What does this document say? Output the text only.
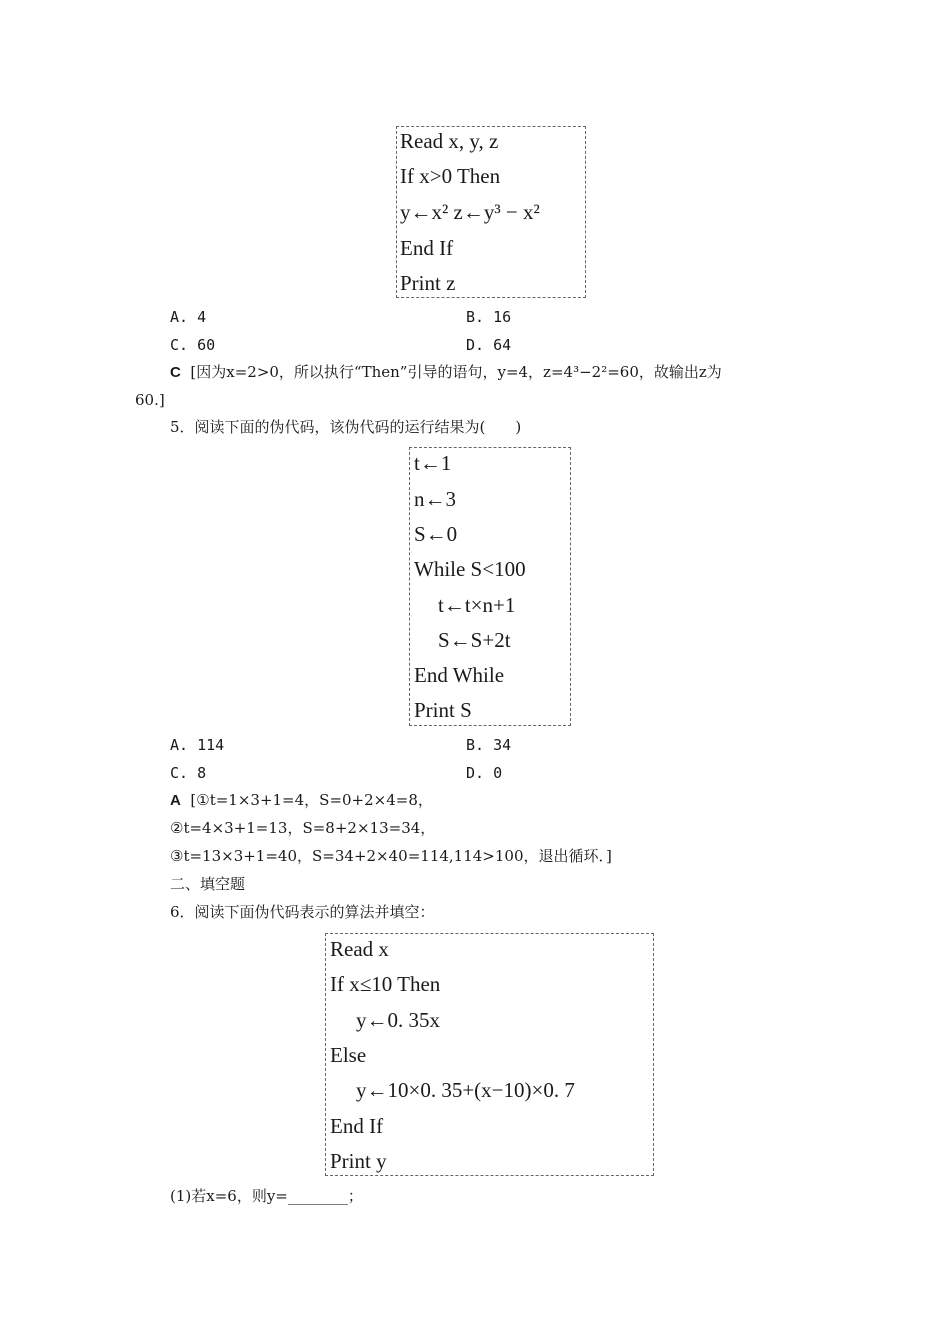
Read x, y, z
If x>0 Then
y←x² z←y³ − x²
End If
Print z
A. 4	B. 16
C. 60	D. 64
C [因为x=2>0，所以执行“Then”引导的语句，y=4，z=4³−2²=60，故输出z为
60.]
5．阅读下面的伪代码，该伪代码的运行结果为(　　)
t←1
n←3
S←0
While S<100
t←t×n+1
S←S+2t
End While
Print S
A. 114	B. 34
C. 8	D. 0
A [①t=1×3+1=4，S=0+2×4=8，
②t=4×3+1=13，S=8+2×13=34，
③t=13×3+1=40，S=34+2×40=114,114>100，退出循环．]
二、填空题
6．阅读下面伪代码表示的算法并填空：
Read x
If x≤10 Then
y←0. 35x
Else
y←10×0. 35+(x−10)×0. 7
End If
Print y
(1)若x=6，则y=________；
